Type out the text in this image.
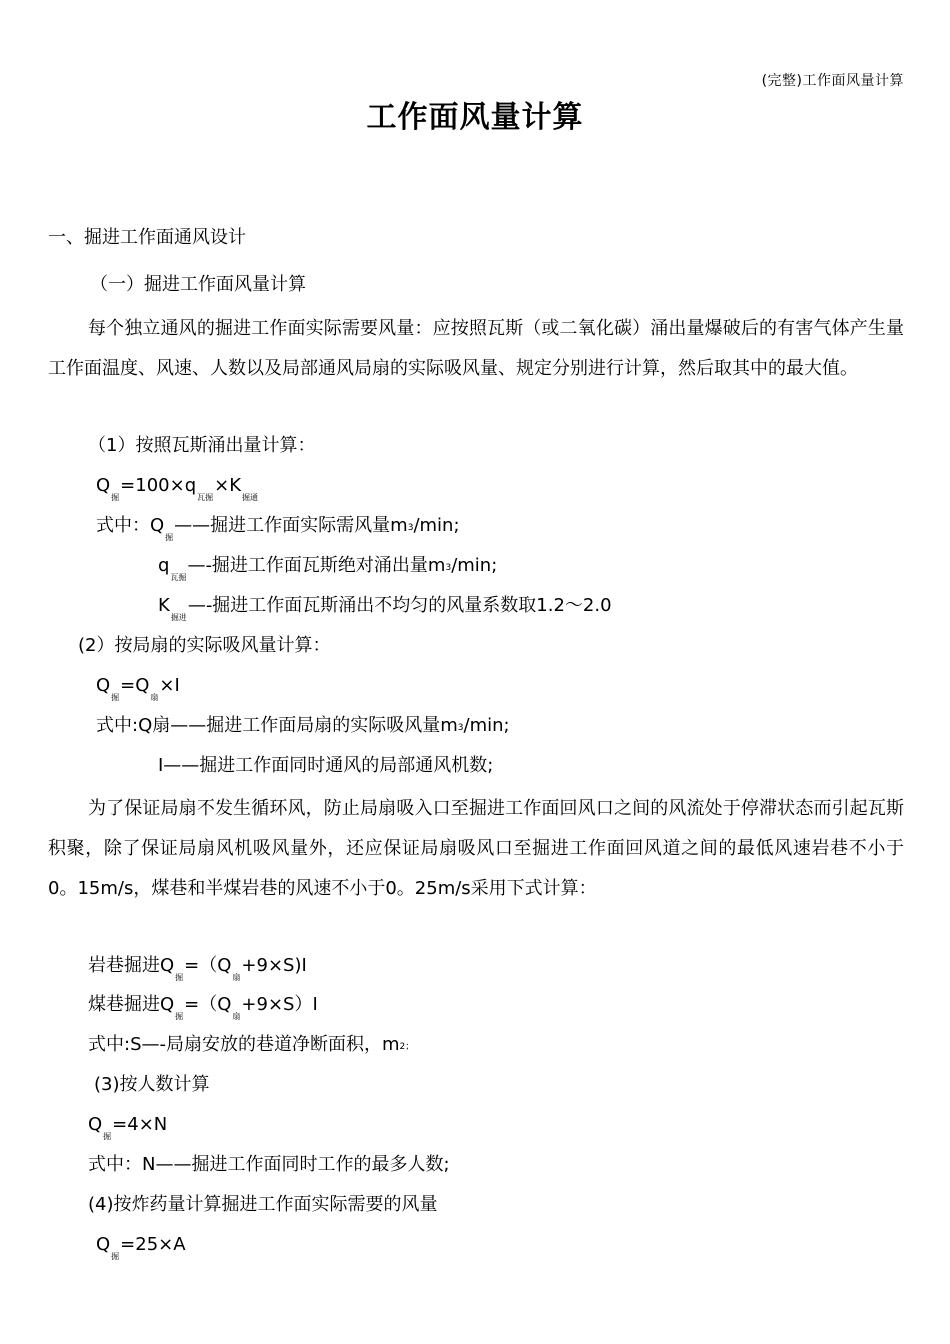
(完整)工作面风量计算
工作面风量计算
一、掘进工作面通风设计
（一）掘进工作面风量计算
每个独立通风的掘进工作面实际需要风量：应按照瓦斯（或二氧化碳）涌出量爆破后的有害气体产生量工作面温度、风速、人数以及局部通风局扇的实际吸风量、规定分别进行计算，然后取其中的最大值。
（1）按照瓦斯涌出量计算：
$Q_掘=100\times q_{瓦掘}\times K_{掘通}$
式中：$Q_掘——$掘进工作面实际需风量$m^3/\min$;
$q_{瓦掘}—-$掘进工作面瓦斯绝对涌出量$m^3/\min$;
$K_{掘进}—-$掘进工作面瓦斯涌出不均匀的风量系数取1.2～2.0
(2）按局扇的实际吸风量计算：
$Q_掘=Q_扇\times I$
式中:Q扇——掘进工作面局扇的实际吸风量$m^3/\min$;
I——掘进工作面同时通风的局部通风机数;
为了保证局扇不发生循环风，防止局扇吸入口至掘进工作面回风口之间的风流处于停滞状态而引起瓦斯积聚，除了保证局扇风机吸风量外，还应保证局扇吸风口至掘进工作面回风道之间的最低风速岩巷不小于0。15m/s，煤巷和半煤岩巷的风速不小于0。25m/s采用下式计算：
岩巷掘进$Q_掘=(Q_扇+9\times S)I$
煤巷掘进$Q_掘=(Q_扇+9\times S)I$
式中:S—-局扇安放的巷道净断面积，$m^{2;}$
(3)按人数计算
$Q_掘=4\times N$
式中：N——掘进工作面同时工作的最多人数;
(4)按炸药量计算掘进工作面实际需要的风量
$Q_掘=25\times A$
